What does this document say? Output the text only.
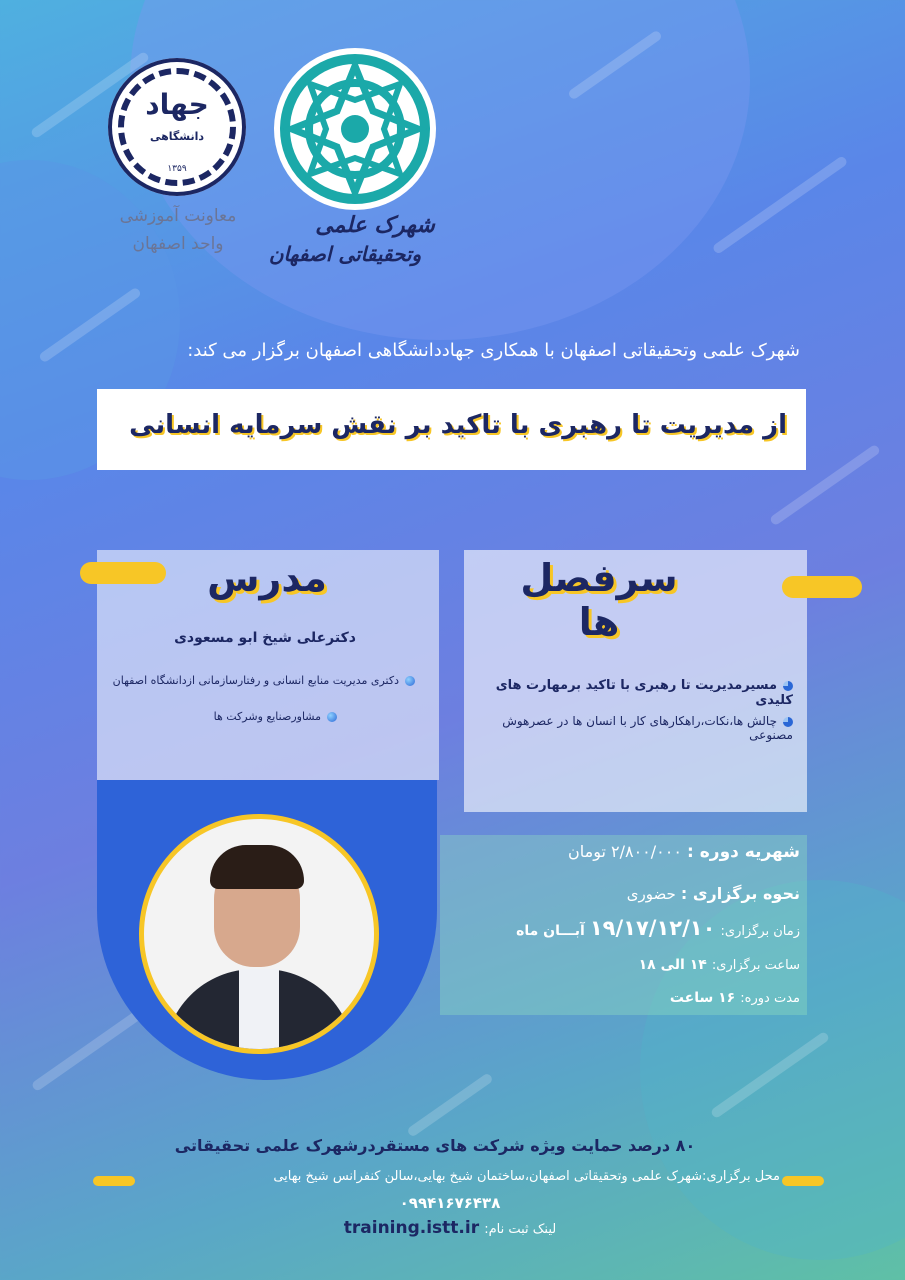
جهاد
دانشگاهی
۱۳۵۹
معاونت آموزشی
واحد اصفهان
شهرک علمی
وتحقیقاتی اصفهان
شهرک علمی وتحقیقاتی اصفهان با همکاری جهاددانشگاهی اصفهان برگزار می کند:
از مدیریت تا رهبری با تاکید بر نقش سرمایه انسانی
سرفصل ها
مسیرمدیریت تا رهبری با تاکید برمهارت های کلیدی
چالش ها،نکات،راهکارهای کار با انسان ها در عصرهوش مصنوعی
مدرس
دکترعلی شیخ ابو مسعودی
دکتری مدیریت منابع انسانی و رفتارسازمانی ازدانشگاه اصفهان
مشاورصنایع وشرکت ها
شهریه دوره : ۲/۸۰۰/۰۰۰ تومان
نحوه برگزاری : حضوری
زمان برگزاری: ۱۹/۱۷/۱۲/۱۰ آبـــان ماه
ساعت برگزاری: ۱۴ الی ۱۸
مدت دوره: ۱۶ ساعت
۸۰ درصد حمایت ویژه شرکت های مستقردرشهرک علمی تحقیقاتی
محل برگزاری:شهرک علمی وتحقیقاتی اصفهان،ساختمان شیخ بهایی،سالن کنفرانس شیخ بهایی
۰۹۹۴۱۶۷۶۴۳۸
لینک ثبت نام: training.istt.ir
